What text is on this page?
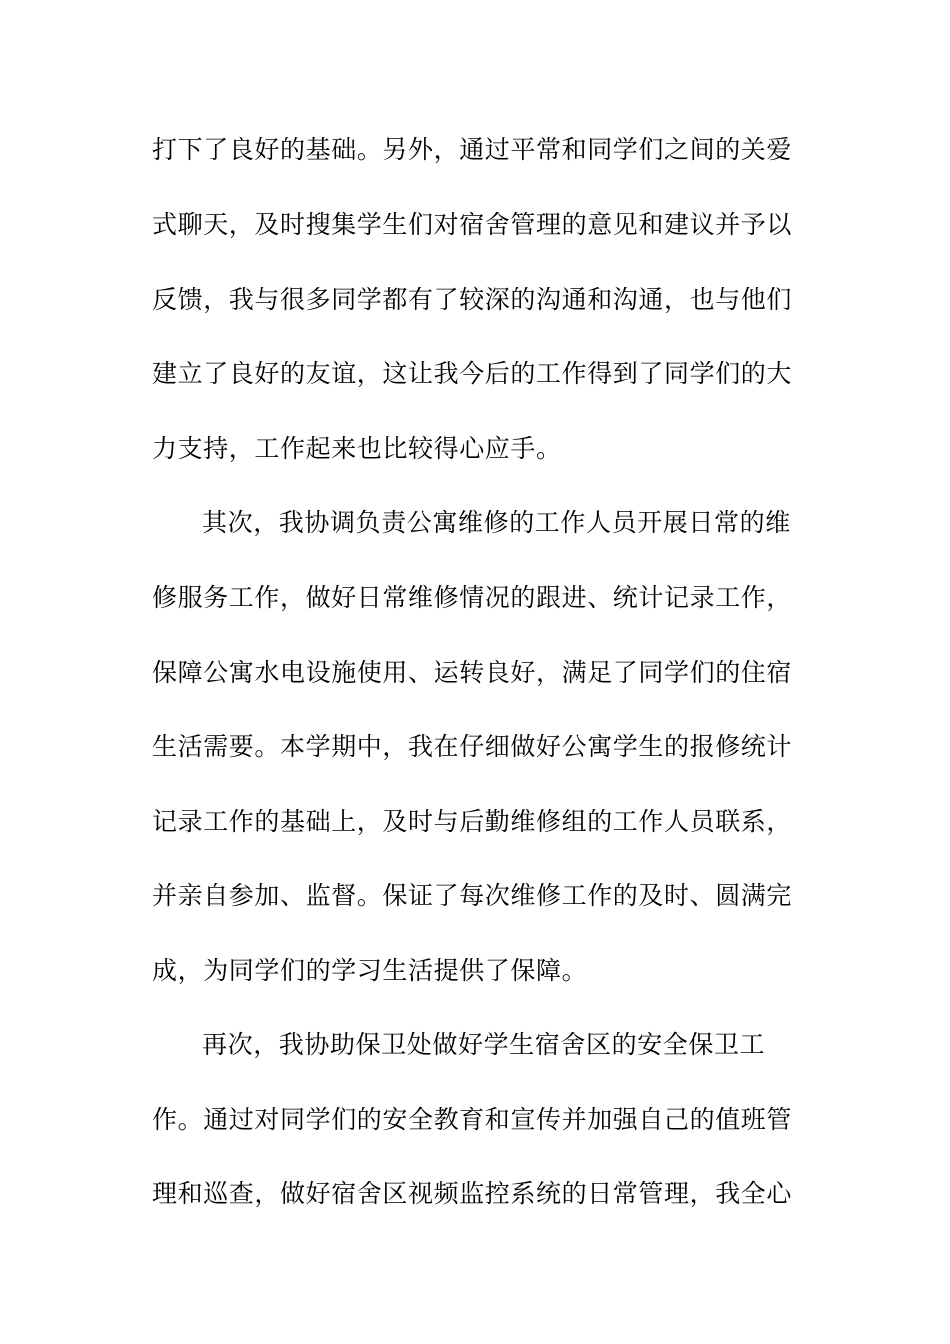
打下了良好的基础。另外，通过平常和同学们之间的关爱
式聊天，及时搜集学生们对宿舍管理的意见和建议并予以
反馈，我与很多同学都有了较深的沟通和沟通，也与他们
建立了良好的友谊，这让我今后的工作得到了同学们的大
力支持，工作起来也比较得心应手。
其次，我协调负责公寓维修的工作人员开展日常的维
修服务工作，做好日常维修情况的跟进、统计记录工作，
保障公寓水电设施使用、运转良好，满足了同学们的住宿
生活需要。本学期中，我在仔细做好公寓学生的报修统计
记录工作的基础上，及时与后勤维修组的工作人员联系，
并亲自参加、监督。保证了每次维修工作的及时、圆满完
成，为同学们的学习生活提供了保障。
再次，我协助保卫处做好学生宿舍区的安全保卫工
作。通过对同学们的安全教育和宣传并加强自己的值班管
理和巡查，做好宿舍区视频监控系统的日常管理，我全心
